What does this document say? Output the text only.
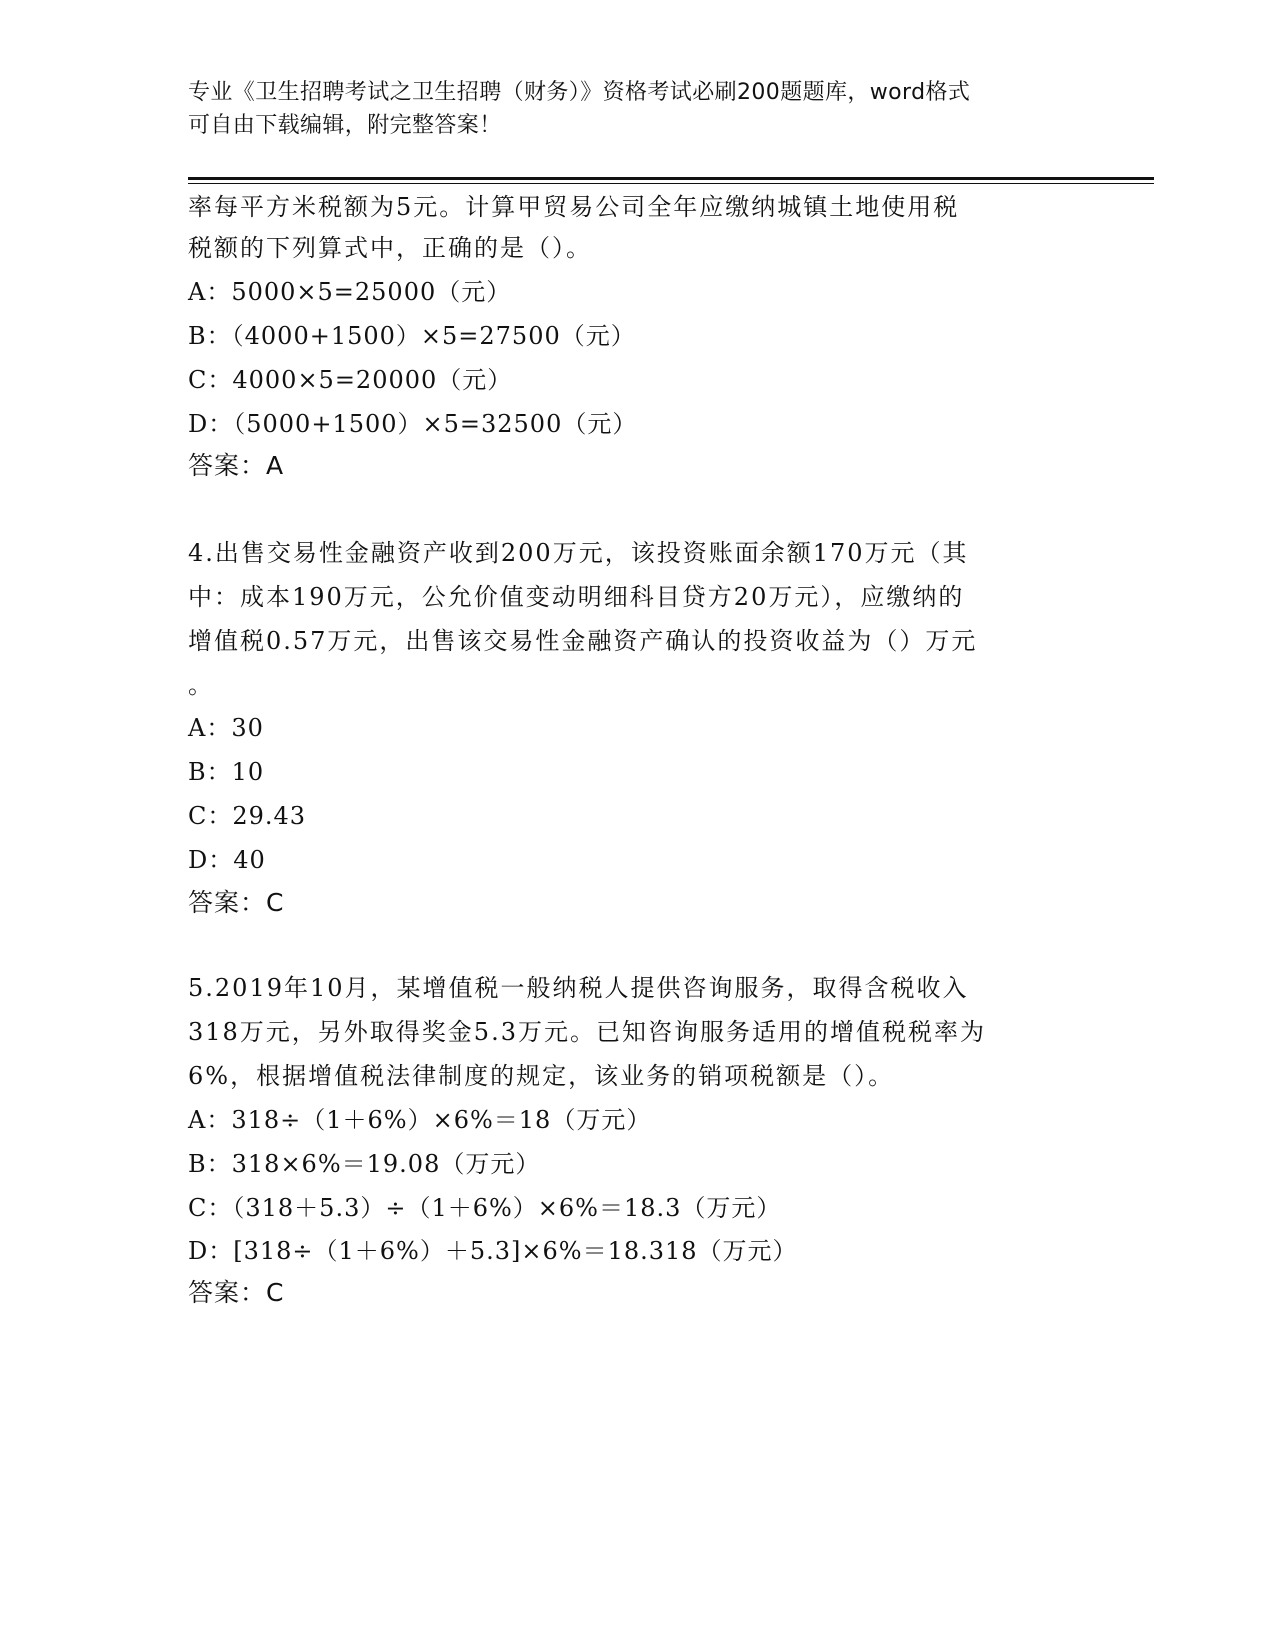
专业《卫生招聘考试之卫生招聘（财务）》资格考试必刷200题题库，word格式
可自由下载编辑，附完整答案！
率每平方米税额为5元。计算甲贸易公司全年应缴纳城镇土地使用税
税额的下列算式中，正确的是（）。
A：5000×5=25000（元）
B：（4000+1500）×5=27500（元）
C：4000×5=20000（元）
D：（5000+1500）×5=32500（元）
答案：A
4.出售交易性金融资产收到200万元，该投资账面余额170万元（其
中：成本190万元，公允价值变动明细科目贷方20万元），应缴纳的
增值税0.57万元，出售该交易性金融资产确认的投资收益为（）万元
。
A：30
B：10
C：29.43
D：40
答案：C
5.2019年10月，某增值税一般纳税人提供咨询服务，取得含税收入
318万元，另外取得奖金5.3万元。已知咨询服务适用的增值税税率为
6%，根据增值税法律制度的规定，该业务的销项税额是（）。
A：318÷（1＋6%）×6%＝18（万元）
B：318×6%＝19.08（万元）
C：（318＋5.3）÷（1＋6%）×6%＝18.3（万元）
D：[318÷（1＋6%）＋5.3]×6%＝18.318（万元）
答案：C
